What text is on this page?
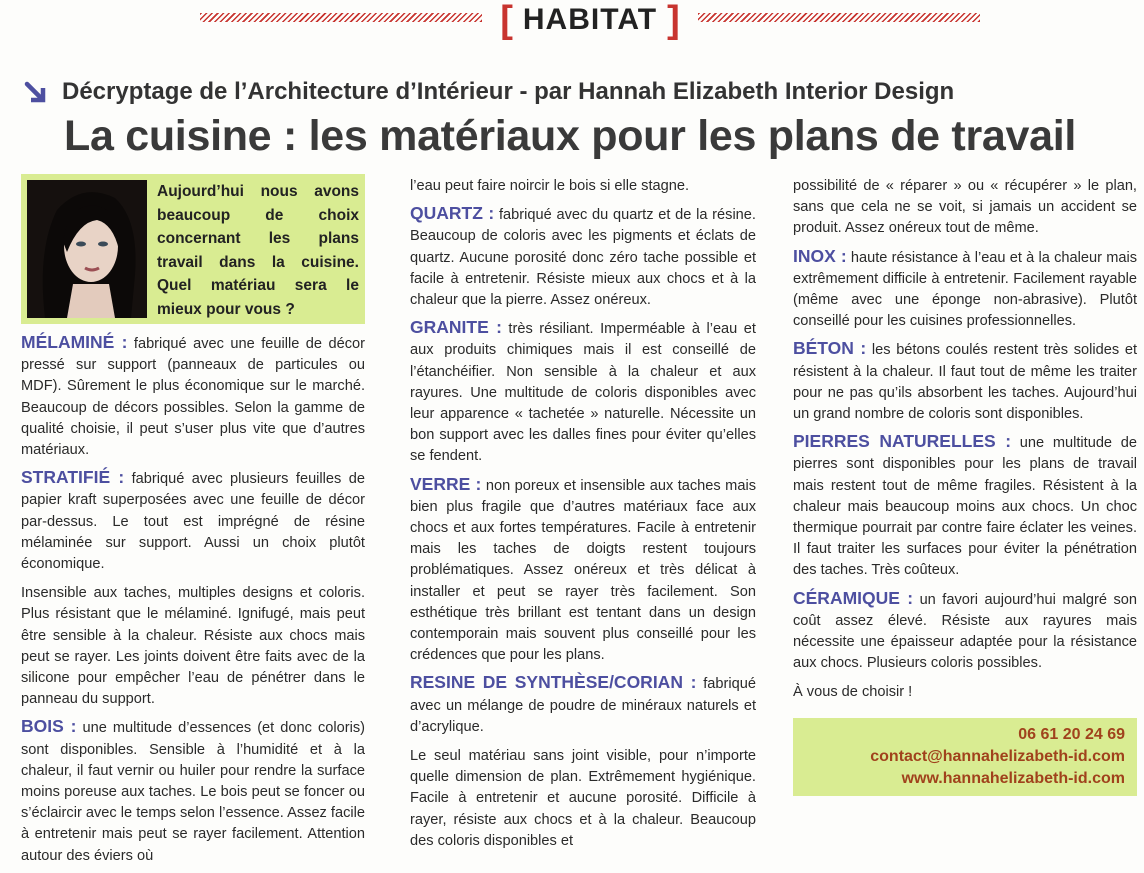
[ HABITAT ]
Décryptage de l’Architecture d’Intérieur - par Hannah Elizabeth Interior Design
La cuisine : les matériaux pour les plans de travail
Aujourd’hui nous avons beaucoup de choix concernant les plans travail dans la cuisine. Quel matériau sera le mieux pour vous ?

MÉLAMINÉ : fabriqué avec une feuille de décor pressé sur support (panneaux de particules ou MDF). Sûrement le plus économique sur le marché. Beaucoup de décors possibles. Selon la gamme de qualité choisie, il peut s’user plus vite que d’autres matériaux.

STRATIFIÉ : fabriqué avec plusieurs feuilles de papier kraft superposées avec une feuille de décor par-dessus. Le tout est imprégné de résine mélaminée sur support. Aussi un choix plutôt économique.

Insensible aux taches, multiples designs et coloris. Plus résistant que le mélaminé. Ignifugé, mais peut être sensible à la chaleur. Résiste aux chocs mais peut se rayer. Les joints doivent être faits avec de la silicone pour empêcher l’eau de pénétrer dans le panneau du support.

BOIS : une multitude d’essences (et donc coloris) sont disponibles. Sensible à l’humidité et à la chaleur, il faut vernir ou huiler pour rendre la surface moins poreuse aux taches. Le bois peut se foncer ou s’éclaircir avec le temps selon l’essence. Assez facile à entretenir mais peut se rayer facilement. Attention autour des éviers où

l’eau peut faire noircir le bois si elle stagne.

QUARTZ : fabriqué avec du quartz et de la résine. Beaucoup de coloris avec les pigments et éclats de quartz. Aucune porosité donc zéro tache possible et facile à entretenir. Résiste mieux aux chocs et à la chaleur que la pierre. Assez onéreux.

GRANITE : très résiliant. Imperméable à l’eau et aux produits chimiques mais il est conseillé de l’étanchéifier. Non sensible à la chaleur et aux rayures. Une multitude de coloris disponibles avec leur apparence « tachetée » naturelle. Nécessite un bon support avec les dalles fines pour éviter qu’elles se fendent.

VERRE : non poreux et insensible aux taches mais bien plus fragile que d’autres matériaux face aux chocs et aux fortes températures. Facile à entretenir mais les taches de doigts restent toujours problématiques. Assez onéreux et très délicat à installer et peut se rayer très facilement. Son esthétique très brillant est tentant dans un design contemporain mais souvent plus conseillé pour les crédences que pour les plans.

RESINE DE SYNTHÈSE/CORIAN : fabriqué avec un mélange de poudre de minéraux naturels et d’acrylique.

Le seul matériau sans joint visible, pour n’importe quelle dimension de plan. Extrêmement hygiénique. Facile à entretenir et aucune porosité. Difficile à rayer, résiste aux chocs et à la chaleur. Beaucoup des coloris disponibles et

possibilité de « réparer » ou « récupérer » le plan, sans que cela ne se voit, si jamais un accident se produit. Assez onéreux tout de même.

INOX : haute résistance à l’eau et à la chaleur mais extrêmement difficile à entretenir. Facilement rayable (même avec une éponge non-abrasive). Plutôt conseillé pour les cuisines professionnelles.

BÉTON : les bétons coulés restent très solides et résistent à la chaleur. Il faut tout de même les traiter pour ne pas qu’ils absorbent les taches. Aujourd’hui un grand nombre de coloris sont disponibles.

PIERRES NATURELLES : une multitude de pierres sont disponibles pour les plans de travail mais restent tout de même fragiles. Résistent à la chaleur mais beaucoup moins aux chocs. Un choc thermique pourrait par contre faire éclater les veines. Il faut traiter les surfaces pour éviter la pénétration des taches. Très coûteux.

CÉRAMIQUE : un favori aujourd’hui malgré son coût assez élevé. Résiste aux rayures mais nécessite une épaisseur adaptée pour la résistance aux chocs. Plusieurs coloris possibles.

À vous de choisir !

06 61 20 24 69
contact@hannahelizabeth-id.com
www.hannahelizabeth-id.com
